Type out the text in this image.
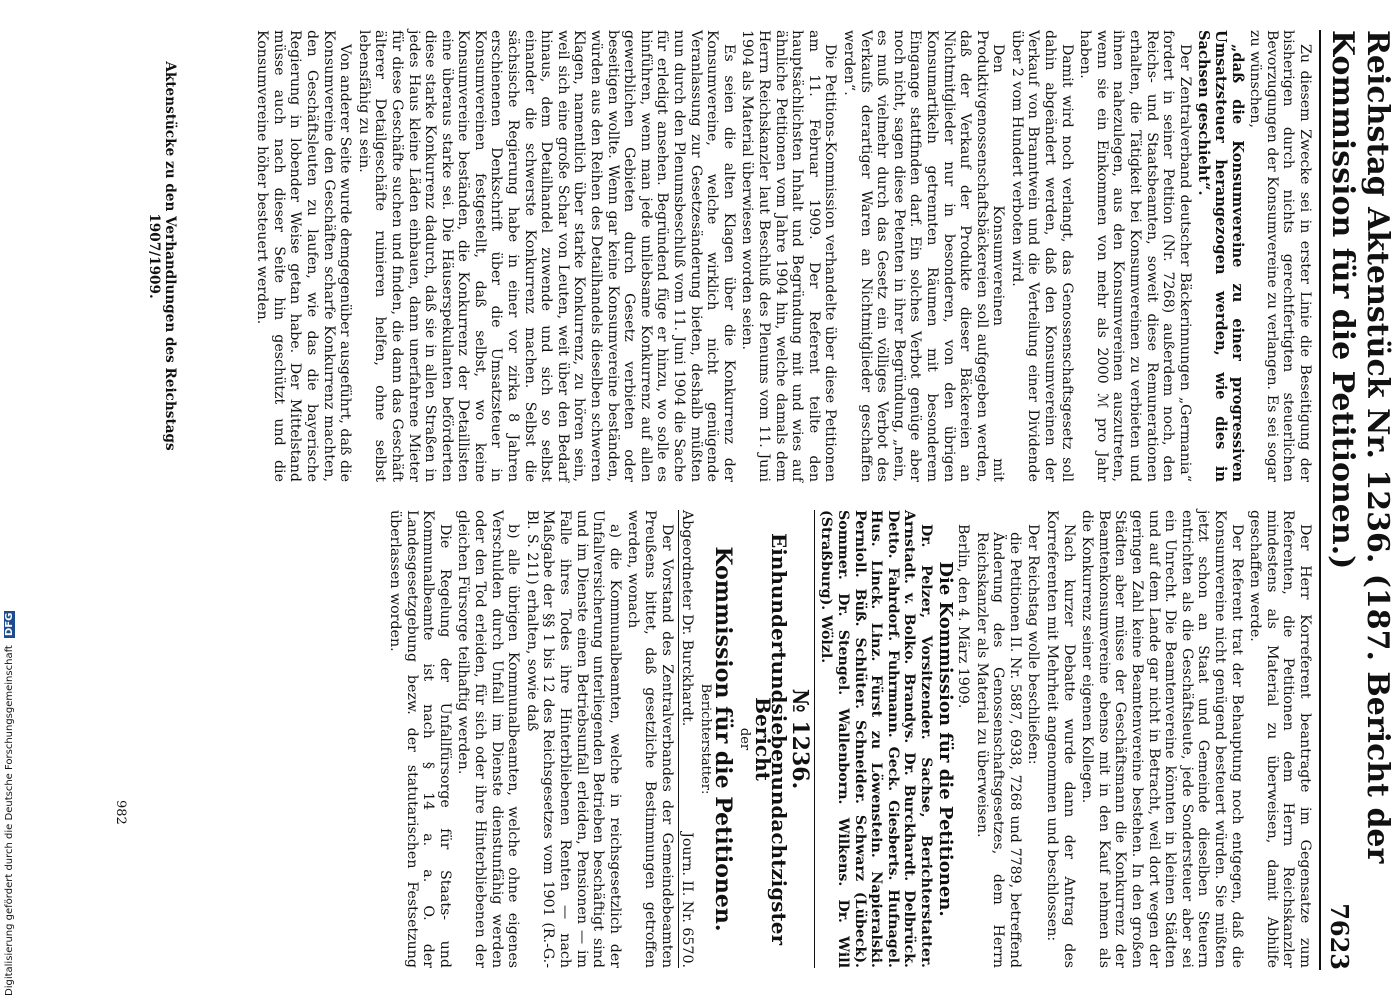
Reichstag Aktenstück Nr. 1236. (187. Bericht der Kommission für die Petitionen.)
7623

Zu diesem Zwecke sei in erster Linie die Beseitigung der bisherigen durch nichts gerechtfertigten steuerlichen Bevorzugungen der Konsumvereine zu verlangen. Es sei sogar zu wünschen,

„daß die Konsumvereine zu einer progressiven Umsatzsteuer herangezogen werden, wie dies in Sachsen geschieht“.

Der Zentralverband deutscher Bäckerinnungen „Germania“ fordert in seiner Petition (Nr. 7268) außerdem noch, den Reichs- und Staatsbeamten, soweit diese Remunerationen erhalten, die Tätigkeit bei Konsumvereinen zu verbieten und ihnen nahezulegen, aus den Konsumvereinen auszutreten, wenn sie ein Einkommen von mehr als 2000 ℳ pro Jahr haben.

Damit wird noch verlangt, das Genossenschaftsgesetz soll dahin abgeändert werden, daß den Konsumvereinen der Verkauf von Branntwein und die Verteilung einer Dividende über 2 vom Hundert verboten wird.

Den Konsumvereinen mit Produktivgenossenschaftsbäckereien soll aufgegeben werden, daß der Verkauf der Produkte dieser Bäckereien an Nichtmitglieder nur in besonderen, von den übrigen Konsumartikeln getrennten Räumen mit besonderem Eingange stattfinden darf. Ein solches Verbot genüge aber noch nicht, sagen diese Petenten in ihrer Begründung, „nein, es muß vielmehr durch das Gesetz ein völliges Verbot des Verkaufs derartiger Waren an Nichtmitglieder geschaffen werden“.

Die Petitions-Kommission verhandelte über diese Petitionen am 11. Februar 1909. Der Referent teilte den hauptsächlichsten Inhalt und Begründung mit und wies auf ähnliche Petitionen vom Jahre 1904 hin, welche damals dem Herrn Reichskanzler laut Beschluß des Plenums vom 11. Juni 1904 als Material überwiesen worden seien.

Es seien die alten Klagen über die Konkurrenz der Konsumvereine, welche wirklich nicht genügende Veranlassung zur Gesetzesänderung bieten, deshalb müßten nun durch den Plenumsbeschluß vom 11. Juni 1904 die Sache für erledigt ansehen. Begründend füge er hinzu, wo solle es hinführen, wenn man jede unliebsame Konkurrenz auf allen gewerblichen Gebieten durch Gesetz verbieten oder beseitigen wollte. Wenn gar keine Konsumvereine beständen, würden aus den Reihen des Detailhandels dieselben schweren Klagen, namentlich über starke Konkurrenz, zu hören sein, weil sich eine große Schar von Leuten, weit über den Bedarf hinaus, dem Detailhandel zuwende und sich so selbst einander die schwerste Konkurrenz machen. Selbst die sächsische Regierung habe in einer vor zirka 8 Jahren erschienenen Denkschrift über die Umsatzsteuer in Konsumvereinen festgestellt, daß selbst, wo keine Konsumvereine beständen, die Konkurrenz der Detaillisten eine überaus starke sei. Die Häuserspekulanten beförderten diese starke Konkurrenz dadurch, daß sie in allen Straßen in jedes Haus kleine Läden einbauen, dann unerfahrene Mieter für diese Geschäfte suchen und finden, die dann das Geschäft älterer Detailgeschäfte ruinieren helfen, ohne selbst lebensfähig zu sein.

Von anderer Seite wurde demgegenüber ausgeführt, daß die Konsumvereine den Geschäften scharfe Konkurrenz machten, den Geschäftsleuten zu laufen, wie das die bayerische Regierung in lobender Weise getan habe. Der Mittelstand müsse auch nach dieser Seite hin geschützt und die Konsumvereine höher besteuert werden.

Aktenstücke zu den Verhandlungen des Reichstags 1907/1909.

Der Herr Korreferent beantragte im Gegensatze zum Referenten, die Petitionen dem Herrn Reichskanzler mindestens als Material zu überweisen, damit Abhilfe geschaffen werde.

Der Referent trat der Behauptung noch entgegen, daß die Konsumvereine nicht genügend besteuert würden. Sie müßten jetzt schon an Staat und Gemeinde dieselben Steuern entrichten als die Geschäftsleute, jede Sondersteuer aber sei ein Unrecht. Die Beamtenvereine könnten in kleinen Städten und auf dem Lande gar nicht in Betracht, weil dort wegen der geringen Zahl keine Beamtenvereine bestehen. In den großen Städten aber müsse der Geschäftsmann die Konkurrenz der Beamtenkonsumvereine ebenso mit in den Kauf nehmen als die Konkurrenz seiner eigenen Kollegen.

Nach kurzer Debatte wurde dann der Antrag des Korreferenten mit Mehrheit angenommen und beschlossen:

Der Reichstag wolle beschließen:

die Petitionen II. Nr. 5887, 6938, 7268 und 7789, betreffend Änderung des Genossenschaftsgesetzes, dem Herrn Reichskanzler als Material zu überweisen.

Berlin, den 4. März 1909.

Die Kommission für die Petitionen.

Dr. Pelzer, Vorsitzender. Sachse, Berichterstatter. Arnstadt. v. Bolko. Brandys. Dr. Burckhardt. Delbrück. Detto. Fahrdorf. Fuhrmann. Geck. Giesberts. Hufnagel. Hus. Linck. Linz. Fürst zu Löwenstein. Napieralski. Pernioll. Büß. Schlüter. Schneider. Schwarz (Lübeck). Sommer. Dr. Stengel. Wallenborn. Wilkens. Dr. Will (Straßburg). Wölzl.

№ 1236.
Einhundertundsiebenundachtzigster Bericht
der
Kommission für die Petitionen.
Berichterstatter:
Abgeordneter Dr. Burckhardt.
Journ. II. Nr. 6570.

Der Vorstand des Zentralverbandes der Gemeindebeamten Preußens bittet, daß gesetzliche Bestimmungen getroffen werden, wonach

a) die Kommunalbeamten, welche in reichsgesetzlich der Unfallversicherung unterliegenden Betrieben beschäftigt sind und im Dienste einen Betriebsunfall erleiden, Pensionen — im Falle ihres Todes ihre Hinterbliebenen Renten — nach Maßgabe der §§ 1 bis 12 des Reichsgesetzes vom 1901 (R.-G.-Bl. S. 211) erhalten, sowie daß

b) alle übrigen Kommunalbeamten, welche ohne eigenes Verschulden durch Unfall im Dienste dienstunfähig werden oder den Tod erleiden, für sich oder ihre Hinterbliebenen der gleichen Fürsorge teilhaftig werden.

Die Regelung der Unfallfürsorge für Staats- und Kommunalbeamte ist nach § 14 a. a. O. der Landesgesetzgebung bezw. der statutarischen Festsetzung überlassen worden.

982
Digitalisierung gefördert durch die Deutsche Forschungsgemeinschaft DFG
